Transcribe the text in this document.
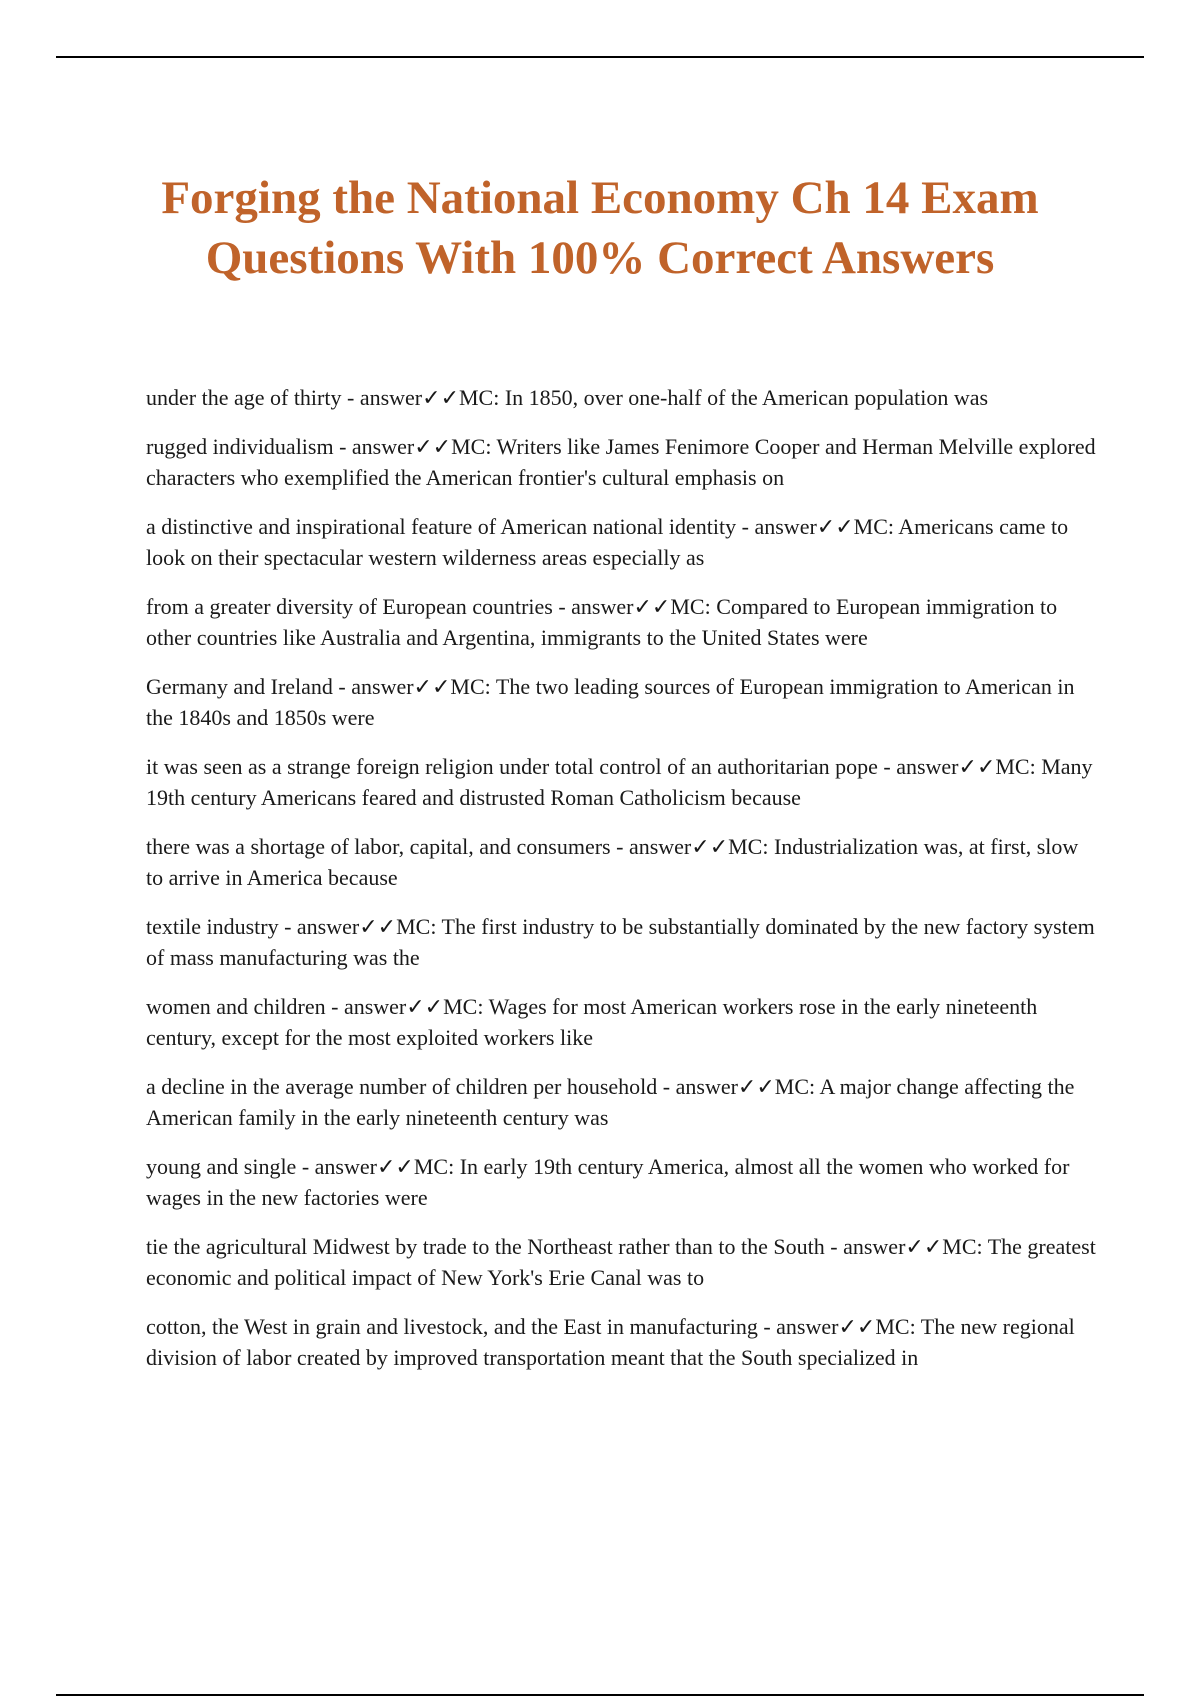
Forging the National Economy Ch 14 Exam Questions With 100% Correct Answers
under the age of thirty - answer✓✓MC: In 1850, over one-half of the American population was
rugged individualism - answer✓✓MC: Writers like James Fenimore Cooper and Herman Melville explored characters who exemplified the American frontier's cultural emphasis on
a distinctive and inspirational feature of American national identity - answer✓✓MC: Americans came to look on their spectacular western wilderness areas especially as
from a greater diversity of European countries - answer✓✓MC: Compared to European immigration to other countries like Australia and Argentina, immigrants to the United States were
Germany and Ireland - answer✓✓MC: The two leading sources of European immigration to American in the 1840s and 1850s were
it was seen as a strange foreign religion under total control of an authoritarian pope - answer✓✓MC: Many 19th century Americans feared and distrusted Roman Catholicism because
there was a shortage of labor, capital, and consumers - answer✓✓MC: Industrialization was, at first, slow to arrive in America because
textile industry - answer✓✓MC: The first industry to be substantially dominated by the new factory system of mass manufacturing was the
women and children - answer✓✓MC: Wages for most American workers rose in the early nineteenth century, except for the most exploited workers like
a decline in the average number of children per household - answer✓✓MC: A major change affecting the American family in the early nineteenth century was
young and single - answer✓✓MC: In early 19th century America, almost all the women who worked for wages in the new factories were
tie the agricultural Midwest by trade to the Northeast rather than to the South - answer✓✓MC: The greatest economic and political impact of New York's Erie Canal was to
cotton, the West in grain and livestock, and the East in manufacturing - answer✓✓MC: The new regional division of labor created by improved transportation meant that the South specialized in
